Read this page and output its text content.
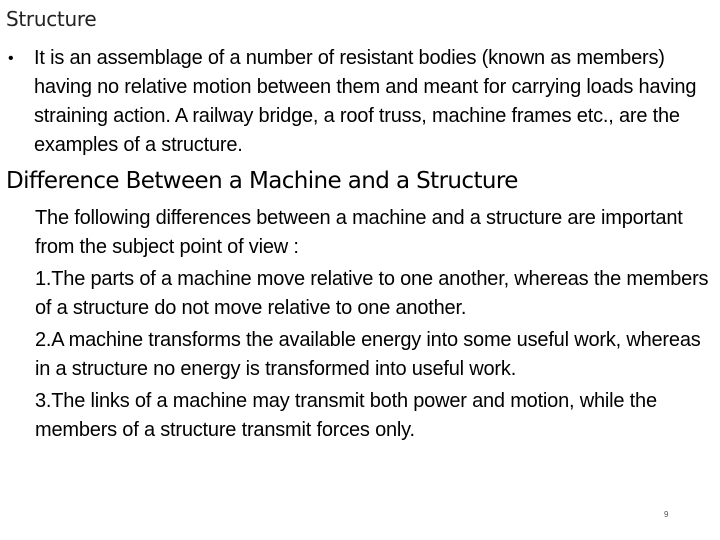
Structure
•	It is an assemblage of a number of resistant bodies (known as members) having no relative motion between them and meant for carrying loads having straining action. A railway bridge, a roof truss, machine frames etc., are the examples of a structure.
Difference Between a Machine and a Structure

The following differences between a machine and a structure are important from the subject point of view :

1.The parts of a machine move relative to one another, whereas the members of a structure do not move relative to one another.

2.A machine transforms the available energy into some useful work, whereas in a structure no energy is transformed into useful work.

3.The links of a machine may transmit both power and motion, while the members of a structure transmit forces only.

9
